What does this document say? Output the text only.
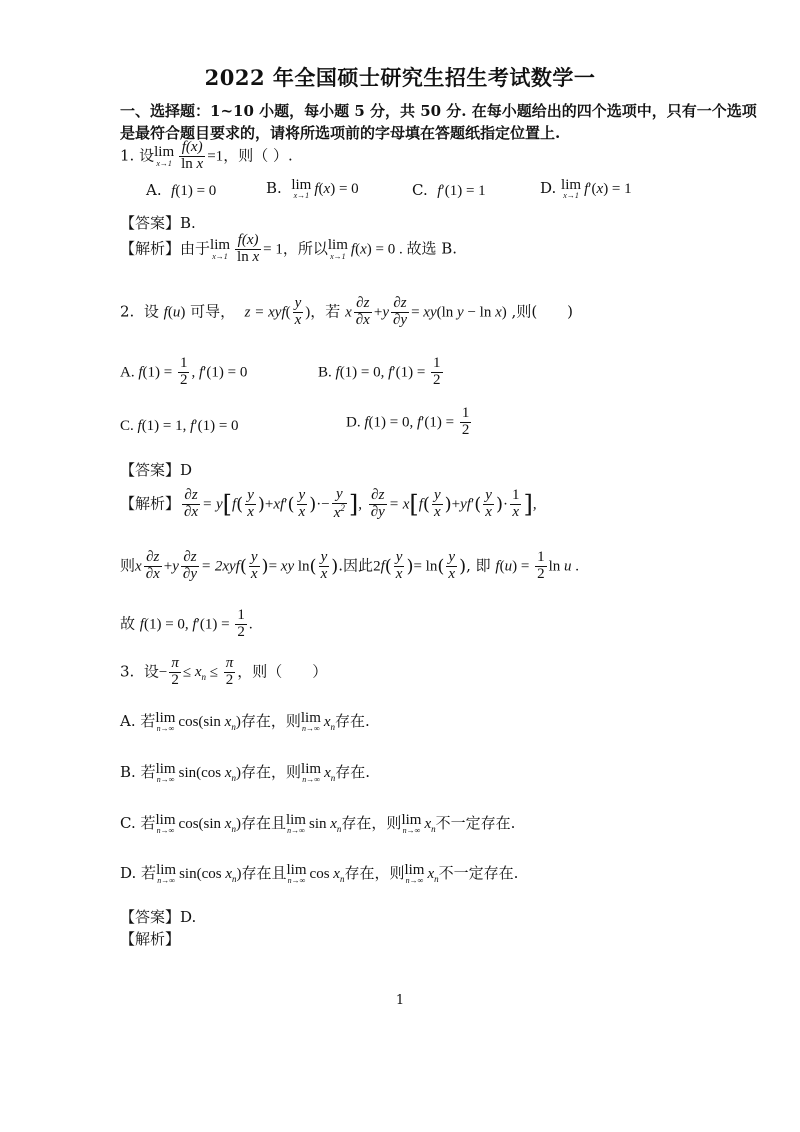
2022 年全国硕士研究生招生考试数学一
一、选择题：1~10 小题，每小题 5 分，共 50 分. 在每小题给出的四个选项中，只有一个选项
是最符合题目要求的，请将所选项前的字母填在答题纸指定位置上.
1. 设lim
$x\to 1 \frac{f(x)}{\text{ln x}} =1$，则（ ）.
A. f(1) = 0	B. lim
x→1 f(x) = 0	C. f′(1) = 1	D. lim
x→1 f′(x) = 1
【答案】B.
【解析】由于lim
$x\to 1 \frac{f(x)}{\text{ln x}} = 1$，所以lim
x→1 f(x) = 0 . 故选 B.
2. 设 f(u) 可导， $z = xyf( \frac{y}{x}$ )，若 x $\frac{\partial z}{\partial x} +y \frac{\partial z}{\partial y} = xy(\ln$ y − ln x) ,则(　　)
A. $f(1) = \frac{1}{2}$ , f′(1) = 0	B. f(1) = 0, $f'(1) = \frac{1}{2}$
C. f(1) = 1, f′(1) = 0	D. f(1) = 0, $f'(1) = \frac{1}{2}$
【答案】D
【解析】 $\frac{\partial z}{\partial x} = y[f( \frac{y}{x} )+xf'( \frac{y}{x}$ )·− $\frac{y}{x^2}$ ], $\frac{\partial z}{\partial y} = x[f( \frac{y}{x} )+yf'( \frac{y}{x}$ )· $\frac{1}{x}$ ],
则x $\frac{\partial z}{\partial x} +y \frac{\partial z}{\partial y} = 2xyf( \frac{y}{x}$ )= xy $\ln( \frac{y}{x}$ ).因此$2f( \frac{y}{x}$ )= $\ln( \frac{y}{x}$ ), 即 $f(u) = \frac{1}{2}$ ln u .
故 f(1) = 0, $f'(1) = \frac{1}{2}$ .
3. 设− $\frac{\pi}{2} \le x_n \le \frac{\pi}{2}$ ，则（　　）
A. 若lim
n→∞ cos(sin $x_n$)存在，则lim
n→∞ $x_n$存在.
B. 若lim
n→∞ sin(cos $x_n$)存在，则lim
n→∞ $x_n$存在.
C. 若lim
n→∞ cos(sin $x_n$)存在且lim
n→∞ $\sin x_n$存在，则lim
n→∞ $x_n$不一定存在.
D. 若lim
n→∞ sin(cos $x_n$)存在且lim
n→∞ $\cos x_n$存在，则lim
n→∞ $x_n$不一定存在.
【答案】D.
【解析】
1
